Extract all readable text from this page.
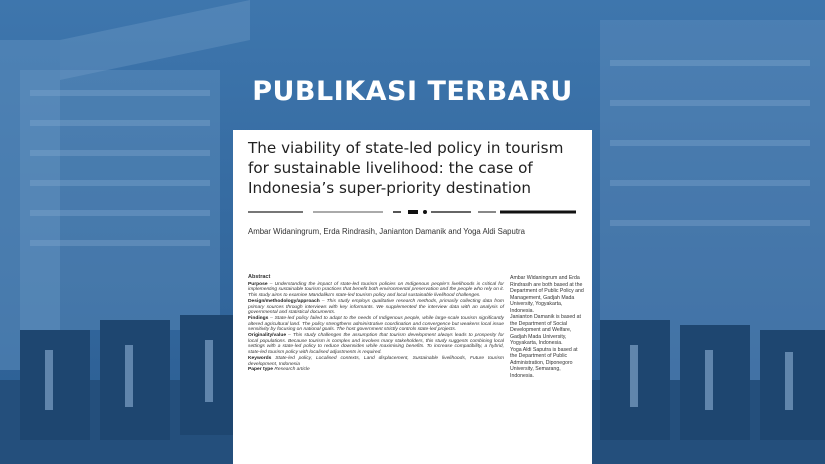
PUBLIKASI TERBARU
The viability of state-led policy in tourism for sustainable livelihood: the case of Indonesia’s super-priority destination
Ambar Widaningrum, Erda Rindrasih, Janianton Damanik and Yoga Aldi Saputra
Abstract

Purpose – Understanding the impact of state-led tourism policies on Indigenous people’s livelihoods is critical for implementing sustainable tourism practices that benefit both environmental preservation and the people who rely on it. This study aims to examine Mandalika’s state-led tourism policy and local sustainable livelihood challenges.

Design/methodology/approach – This study employs qualitative research methods, primarily collecting data from primary sources through interviews with key informants. We supplemented the interview data with an analysis of governmental and statistical documents.

Findings – State-led policy failed to adapt to the needs of Indigenous people, while large-scale tourism significantly altered agricultural land. The policy strengthens administrative coordination and convergence but weakens local issue sensitivity by focusing on national goals. The host government strictly controls state-led projects.

Originality/value – This study challenges the assumption that tourism development always leads to prosperity for local populations. Because tourism is complex and involves many stakeholders, this study suggests combining local settings with a state-led policy to reduce downsides while maximising benefits. To increase compatibility, a hybrid, state-led tourism policy with localised adjustments is required.

Keywords State-led policy, Localised contexts, Land displacement, Sustainable livelihoods, Future tourism development, Indonesia

Paper type Research article

Ambar Widaningrum and Erda Rindrasih are both based at the Department of Public Policy and Management, Gadjah Mada University, Yogyakarta, Indonesia.

Janianton Damanik is based at the Department of Social Development and Welfare, Gadjah Mada University, Yogyakarta, Indonesia.

Yoga Aldi Saputra is based at the Department of Public Administration, Diponegoro University, Semarang, Indonesia.
